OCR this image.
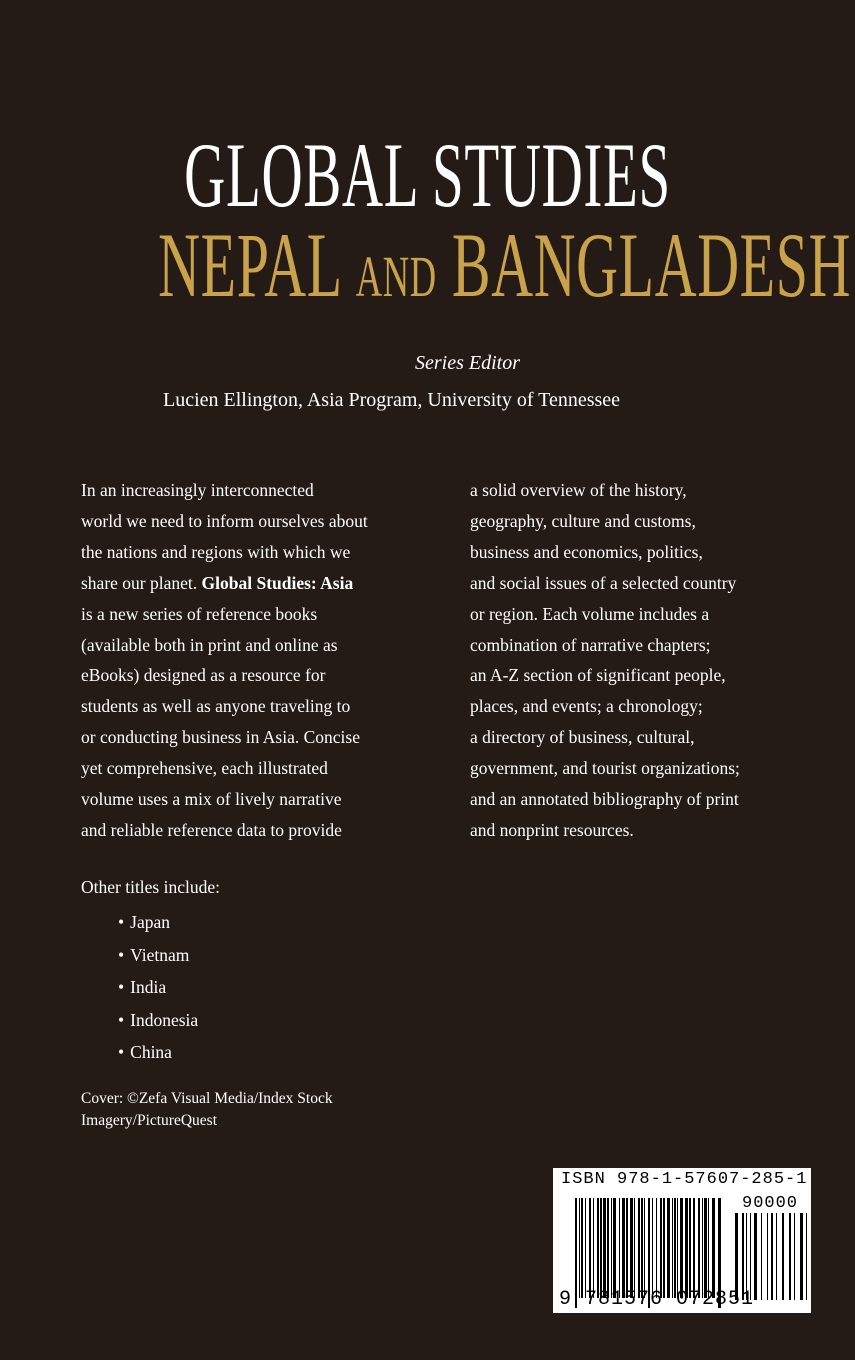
GLOBAL STUDIES
NEPAL AND BANGLADESH
Series Editor
Lucien Ellington, Asia Program, University of Tennessee
In an increasingly interconnected
world we need to inform ourselves about
the nations and regions with which we
share our planet. Global Studies: Asia
is a new series of reference books
(available both in print and online as
eBooks) designed as a resource for
students as well as anyone traveling to
or conducting business in Asia. Concise
yet comprehensive, each illustrated
volume uses a mix of lively narrative
and reliable reference data to provide
a solid overview of the history,
geography, culture and customs,
business and economics, politics,
and social issues of a selected country
or region. Each volume includes a
combination of narrative chapters;
an A-Z section of significant people,
places, and events; a chronology;
a directory of business, cultural,
government, and tourist organizations;
and an annotated bibliography of print
and nonprint resources.
Other titles include:
• Japan
• Vietnam
• India
• Indonesia
• China
Cover: ©Zefa Visual Media/Index Stock
Imagery/PictureQuest
ISBN 978-1-57607-285-1
90000
9 781576 072851
